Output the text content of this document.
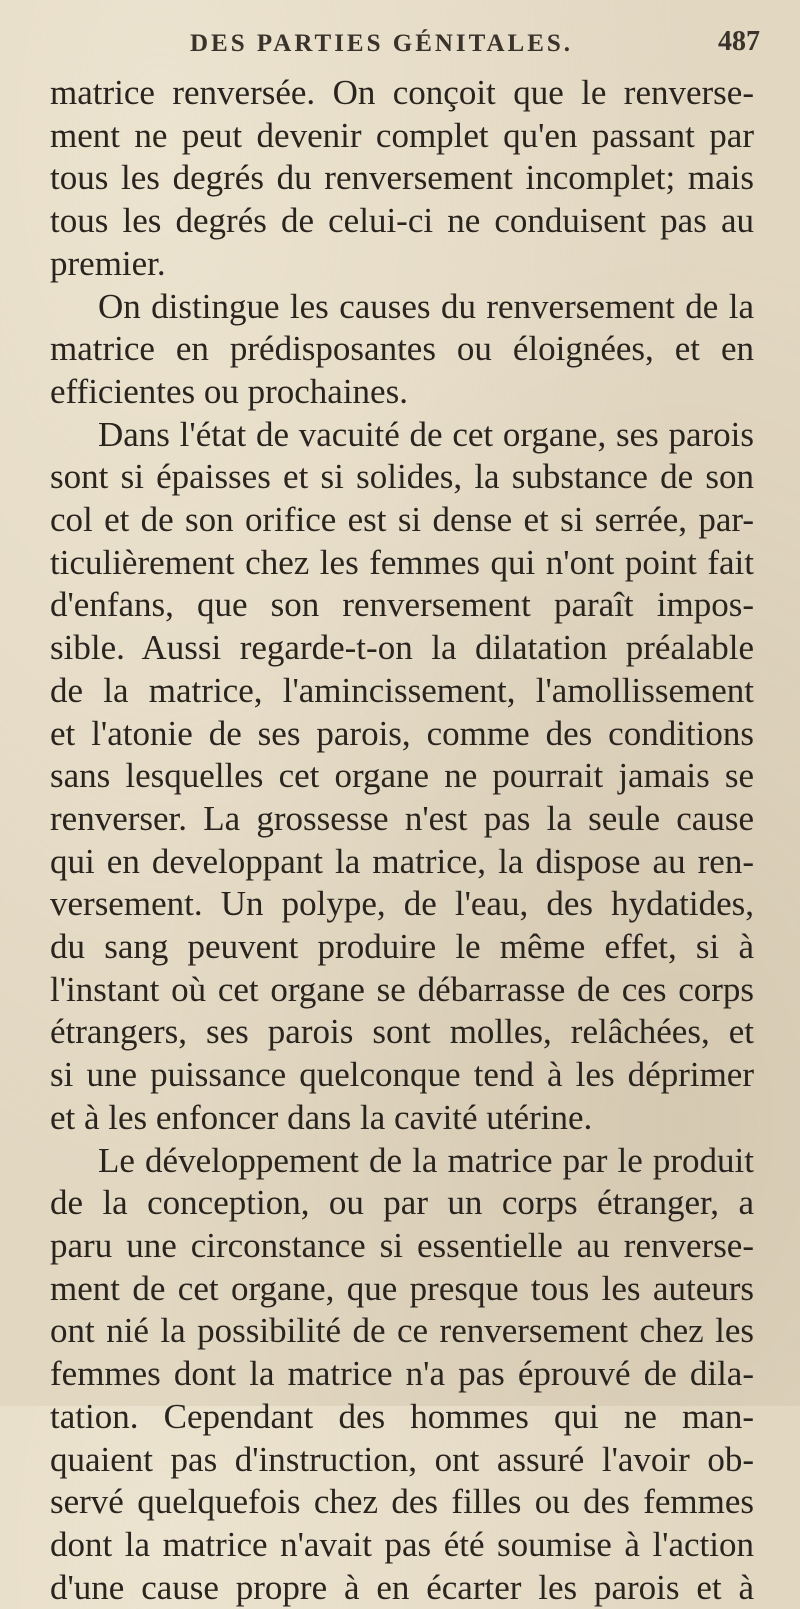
DES PARTIES GÉNITALES.	487
matrice renversée. On conçoit que le renverse-
ment ne peut devenir complet qu'en passant par
tous les degrés du renversement incomplet; mais
tous les degrés de celui-ci ne conduisent pas au
premier.
On distingue les causes du renversement de la
matrice en prédisposantes ou éloignées, et en
efficientes ou prochaines.
Dans l'état de vacuité de cet organe, ses parois
sont si épaisses et si solides, la substance de son
col et de son orifice est si dense et si serrée, par-
ticulièrement chez les femmes qui n'ont point fait
d'enfans, que son renversement paraît impos-
sible. Aussi regarde-t-on la dilatation préalable
de la matrice, l'amincissement, l'amollissement
et l'atonie de ses parois, comme des conditions
sans lesquelles cet organe ne pourrait jamais se
renverser. La grossesse n'est pas la seule cause
qui en developpant la matrice, la dispose au ren-
versement. Un polype, de l'eau, des hydatides,
du sang peuvent produire le même effet, si à
l'instant où cet organe se débarrasse de ces corps
étrangers, ses parois sont molles, relâchées, et
si une puissance quelconque tend à les déprimer
et à les enfoncer dans la cavité utérine.
Le développement de la matrice par le produit
de la conception, ou par un corps étranger, a
paru une circonstance si essentielle au renverse-
ment de cet organe, que presque tous les auteurs
ont nié la possibilité de ce renversement chez les
femmes dont la matrice n'a pas éprouvé de dila-
tation. Cependant des hommes qui ne man-
quaient pas d'instruction, ont assuré l'avoir ob-
servé quelquefois chez des filles ou des femmes
dont la matrice n'avait pas été soumise à l'action
d'une cause propre à en écarter les parois et à
